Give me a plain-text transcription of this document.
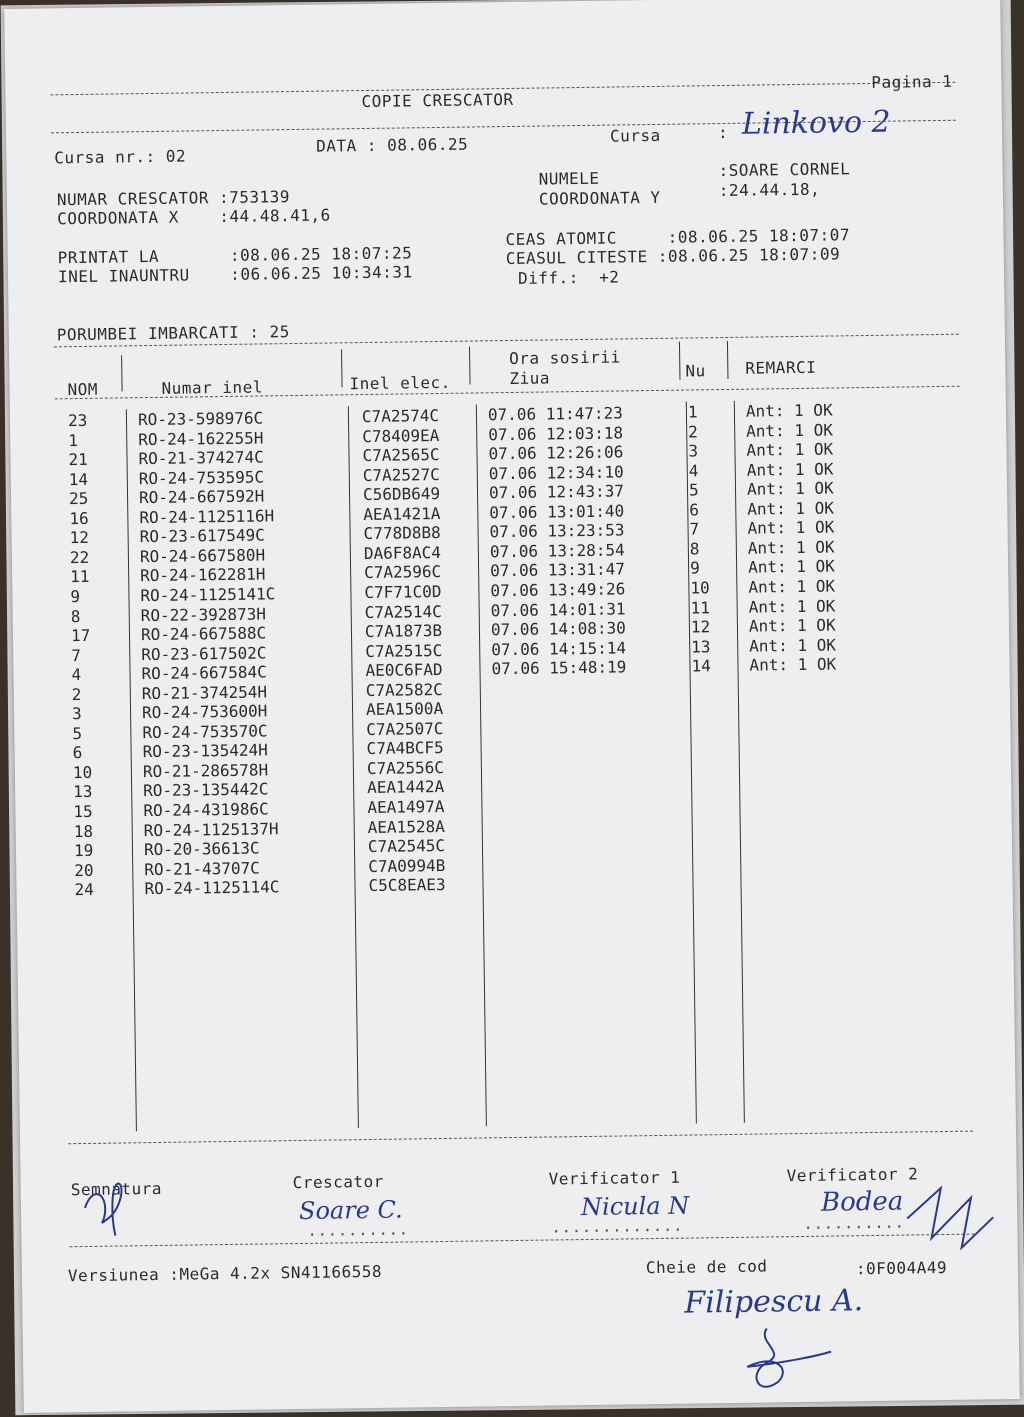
COPIE CRESCATOR
Pagina 1
Cursa nr.: 02
DATA : 08.06.25	Cursa	: Linkovo 2
NUMAR CRESCATOR :753139
COORDONATA X    :44.48.41,6
NUMELE	:SOARE CORNEL
COORDONATA Y	:24.44.18,
PRINTAT LA       :08.06.25 18:07:25
INEL INAUNTRU    :06.06.25 10:34:31
CEAS ATOMIC     :08.06.25 18:07:07
CEASUL CITESTE :08.06.25 18:07:09
Diff.:  +2
PORUMBEI IMBARCATI : 25
NOM	Numar inel	Inel elec.
Ora sosirii
Ziua	Nu REMARCI
23	RO-23-598976C	C7A2574C	07.06 11:47:23	1	Ant: 1 OK
1	RO-24-162255H	C78409EA	07.06 12:03:18	2	Ant: 1 OK
21	RO-21-374274C	C7A2565C	07.06 12:26:06	3	Ant: 1 OK
14	RO-24-753595C	C7A2527C	07.06 12:34:10	4	Ant: 1 OK
25	RO-24-667592H	C56DB649	07.06 12:43:37	5	Ant: 1 OK
16	RO-24-1125116H	AEA1421A	07.06 13:01:40	6	Ant: 1 OK
12	RO-23-617549C	C778D8B8	07.06 13:23:53	7	Ant: 1 OK
22	RO-24-667580H	DA6F8AC4	07.06 13:28:54	8	Ant: 1 OK
11	RO-24-162281H	C7A2596C	07.06 13:31:47	9	Ant: 1 OK
9	RO-24-1125141C	C7F71C0D	07.06 13:49:26	10 Ant: 1 OK
8	RO-22-392873H	C7A2514C	07.06 14:01:31	11 Ant: 1 OK
17	RO-24-667588C	C7A1873B	07.06 14:08:30	12 Ant: 1 OK
7	RO-23-617502C	C7A2515C	07.06 14:15:14	13 Ant: 1 OK
4	RO-24-667584C	AE0C6FAD	07.06 15:48:19	14 Ant: 1 OK
2	RO-21-374254H	C7A2582C
3	RO-24-753600H	AEA1500A
5	RO-24-753570C	C7A2507C
6	RO-23-135424H	C7A4BCF5
10	RO-21-286578H	C7A2556C
13	RO-23-135442C	AEA1442A
15	RO-24-431986C	AEA1497A
18	RO-24-1125137H	AEA1528A
19	RO-20-36613C	C7A2545C
20	RO-21-43707C	C7A0994B
24	RO-24-1125114C	C5C8EAE3
Semnatura	Crescator	Verificator 1	Verificator 2
Soare C.
..........
Nicula N
.............
Bodea
..........
Versiunea :MeGa 4.2x SN41166558	Cheie de cod	:0F004A49
Filipescu A.
